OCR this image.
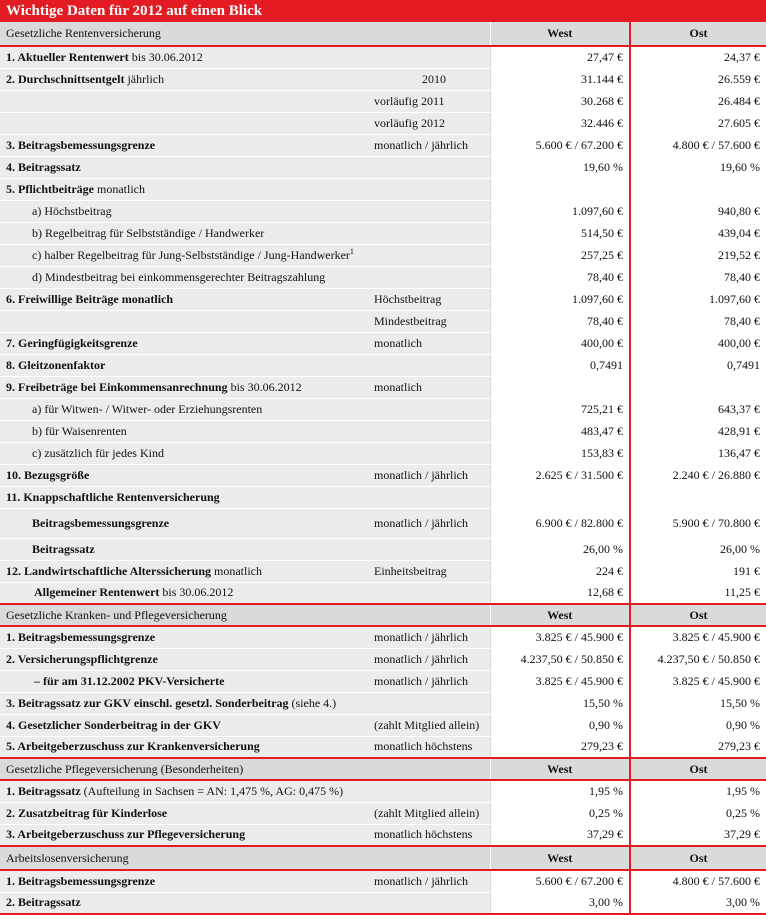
Wichtige Daten für 2012 auf einen Blick
Gesetzliche Rentenversicherung		West	Ost
1. Aktueller Rentenwert bis 30.06.2012		27,47 €	24,37 €
2. Durchschnittsentgelt jährlich	2010	31.144 €	26.559 €
	vorläufig 2011	30.268 €	26.484 €
	vorläufig 2012	32.446 €	27.605 €
3. Beitragsbemessungsgrenze	monatlich / jährlich	5.600 € / 67.200 €	4.800 € / 57.600 €
4. Beitragssatz		19,60 %	19,60 %
5. Pflichtbeiträge monatlich			
a) Höchstbeitrag		1.097,60 €	940,80 €
b) Regelbeitrag für Selbstständige / Handwerker		514,50 €	439,04 €
c) halber Regelbeitrag für Jung-Selbstständige / Jung-Handwerker$^1$		257,25 €	219,52 €
d) Mindestbeitrag bei einkommensgerechter Beitragszahlung		78,40 €	78,40 €
6. Freiwillige Beiträge monatlich	Höchstbeitrag	1.097,60 €	1.097,60 €
	Mindestbeitrag	78,40 €	78,40 €
7. Geringfügigkeitsgrenze	monatlich	400,00 €	400,00 €
8. Gleitzonenfaktor		0,7491	0,7491
9. Freibeträge bei Einkommensanrechnung bis 30.06.2012	monatlich		
a) für Witwen- / Witwer- oder Erziehungsrenten		725,21 €	643,37 €
b) für Waisenrenten		483,47 €	428,91 €
c) zusätzlich für jedes Kind		153,83 €	136,47 €
10. Bezugsgröße	monatlich / jährlich	2.625 € / 31.500 €	2.240 € / 26.880 €
11. Knappschaftliche Rentenversicherung			
Beitragsbemessungsgrenze	monatlich / jährlich	6.900 € / 82.800 €	5.900 € / 70.800 €
Beitragssatz		26,00 %	26,00 %
12. Landwirtschaftliche Alterssicherung monatlich	Einheitsbeitrag	224 €	191 €
Allgemeiner Rentenwert bis 30.06.2012		12,68 €	11,25 €
Gesetzliche Kranken- und Pflegeversicherung		West	Ost
1. Beitragsbemessungsgrenze	monatlich / jährlich	3.825 € / 45.900 €	3.825 € / 45.900 €
2. Versicherungspflichtgrenze	monatlich / jährlich	4.237,50 € / 50.850 €	4.237,50 € / 50.850 €
– für am 31.12.2002 PKV-Versicherte	monatlich / jährlich	3.825 € / 45.900 €	3.825 € / 45.900 €
3. Beitragssatz zur GKV einschl. gesetzl. Sonderbeitrag (siehe 4.)		15,50 %	15,50 %
4. Gesetzlicher Sonderbeitrag in der GKV	(zahlt Mitglied allein)	0,90 %	0,90 %
5. Arbeitgeberzuschuss zur Krankenversicherung	monatlich höchstens	279,23 €	279,23 €
Gesetzliche Pflegeversicherung (Besonderheiten)		West	Ost
1. Beitragssatz (Aufteilung in Sachsen = AN: 1,475 %, AG: 0,475 %)		1,95 %	1,95 %
2. Zusatzbeitrag für Kinderlose	(zahlt Mitglied allein)	0,25 %	0,25 %
3. Arbeitgeberzuschuss zur Pflegeversicherung	monatlich höchstens	37,29 €	37,29 €
Arbeitslosenversicherung		West	Ost
1. Beitragsbemessungsgrenze	monatlich / jährlich	5.600 € / 67.200 €	4.800 € / 57.600 €
2. Beitragssatz		3,00 %	3,00 %
